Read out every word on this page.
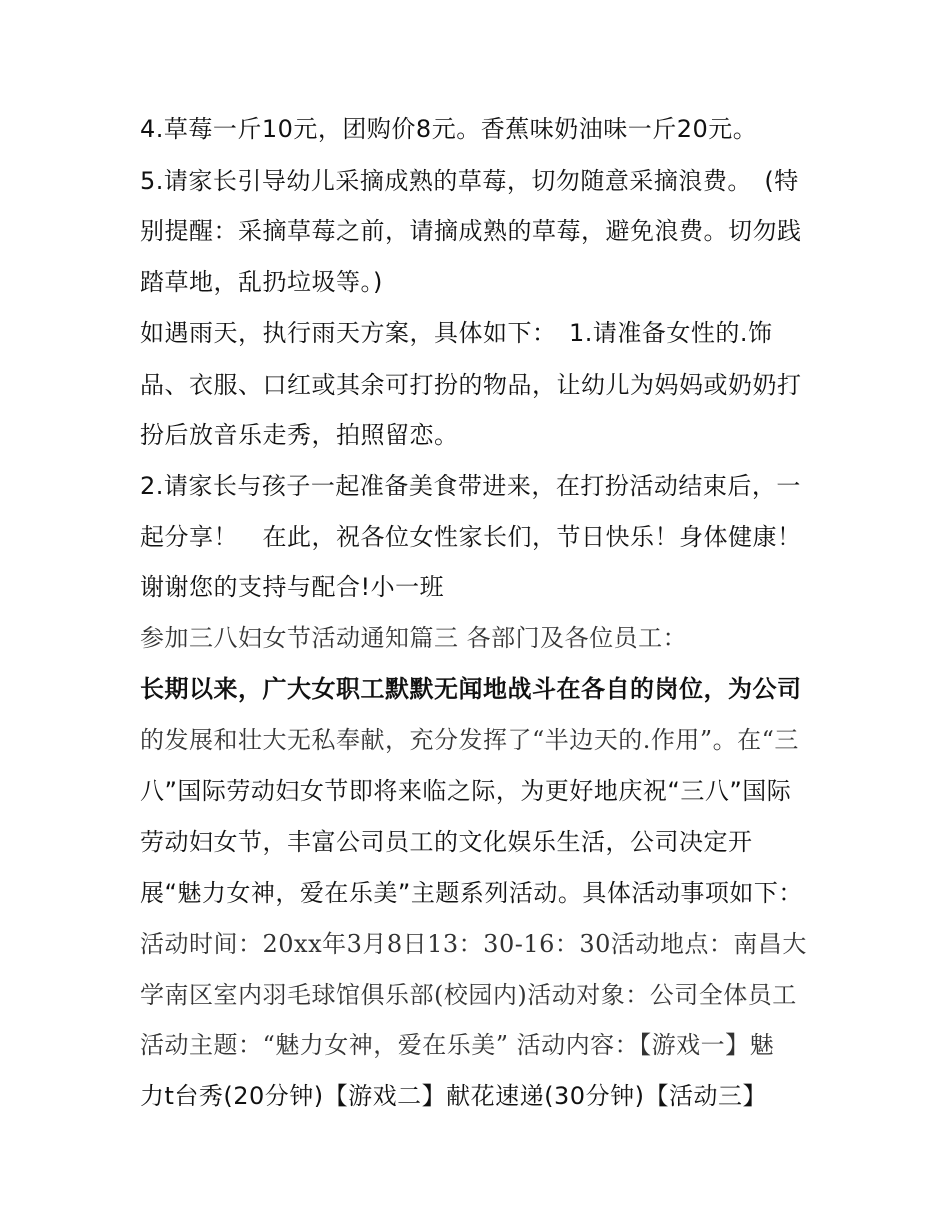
4.草莓一斤10元，团购价8元。香蕉味奶油味一斤20元。
5.请家长引导幼儿采摘成熟的草莓，切勿随意采摘浪费。　(特
别提醒：采摘草莓之前，请摘成熟的草莓，避免浪费。切勿践
踏草地，乱扔垃圾等。)
如遇雨天，执行雨天方案，具体如下：　1.请准备女性的.饰
品、衣服、口红或其余可打扮的物品，让幼儿为妈妈或奶奶打
扮后放音乐走秀，拍照留恋。
2.请家长与孩子一起准备美食带进来，在打扮活动结束后，一
起分享！　在此，祝各位女性家长们，节日快乐！身体健康！
谢谢您的支持与配合!小一班
参加三八妇女节活动通知篇三 各部门及各位员工：
长期以来，广大女职工默默无闻地战斗在各自的岗位，为公司
的发展和壮大无私奉献，充分发挥了“半边天的.作用”。在“三
八”国际劳动妇女节即将来临之际，为更好地庆祝“三八”国际
劳动妇女节，丰富公司员工的文化娱乐生活，公司决定开
展“魅力女神，爱在乐美”主题系列活动。具体活动事项如下：
活动时间：20xx年3月8日13：30-16：30活动地点：南昌大
学南区室内羽毛球馆俱乐部(校园内)活动对象：公司全体员工
活动主题：“魅力女神，爱在乐美” 活动内容：【游戏一】魅
力t台秀(20分钟)【游戏二】献花速递(30分钟)【活动三】
